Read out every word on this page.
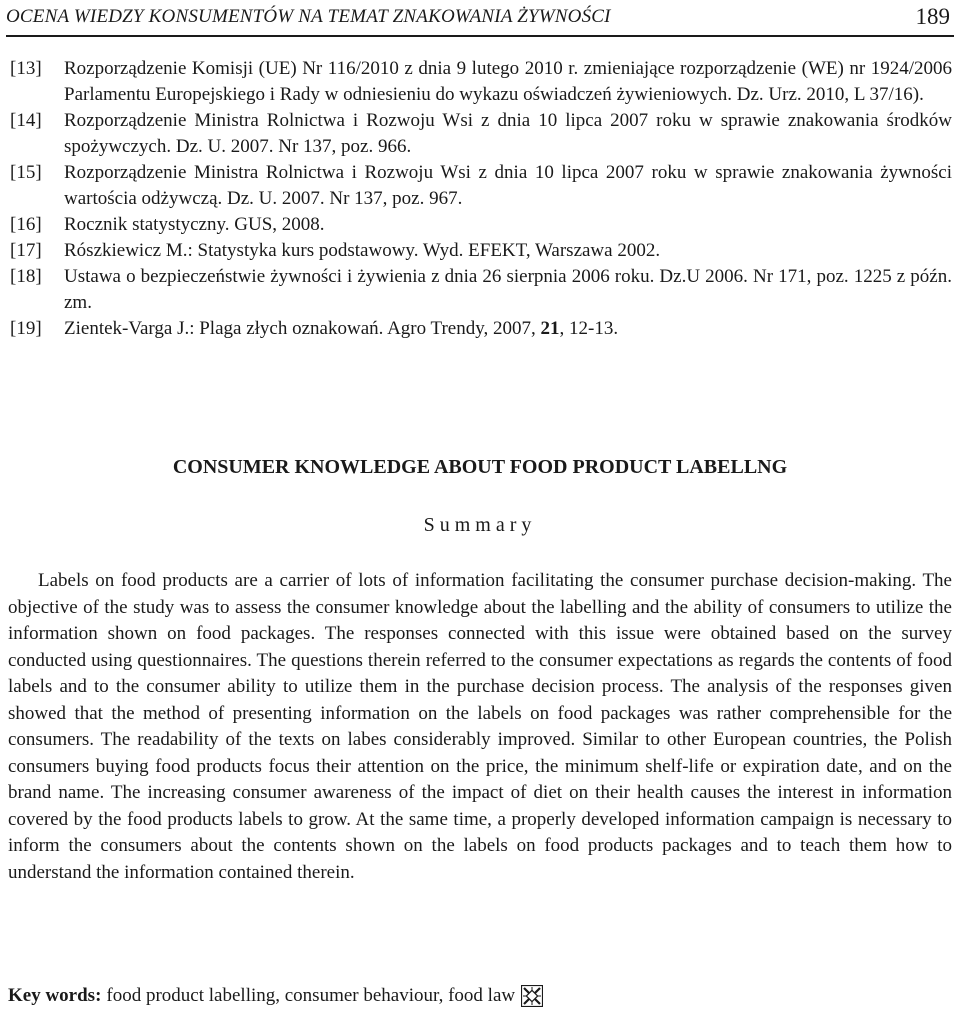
OCENA WIEDZY KONSUMENTÓW NA TEMAT ZNAKOWANIA ŻYWNOŚCI	189
[13]	Rozporządzenie Komisji (UE) Nr 116/2010 z dnia 9 lutego 2010 r. zmieniające rozporządzenie (WE) nr 1924/2006 Parlamentu Europejskiego i Rady w odniesieniu do wykazu oświadczeń żywieniowych. Dz. Urz. 2010, L 37/16).
[14]	Rozporządzenie Ministra Rolnictwa i Rozwoju Wsi z dnia 10 lipca 2007 roku w sprawie znakowania środków spożywczych. Dz. U. 2007. Nr 137, poz. 966.
[15]	Rozporządzenie Ministra Rolnictwa i Rozwoju Wsi z dnia 10 lipca 2007 roku w sprawie znakowania żywności wartościa odżywczą. Dz. U. 2007. Nr 137, poz. 967.
[16]	Rocznik statystyczny. GUS, 2008.
[17]	Rószkiewicz M.: Statystyka kurs podstawowy. Wyd. EFEKT, Warszawa 2002.
[18]	Ustawa o bezpieczeństwie żywności i żywienia z dnia 26 sierpnia 2006 roku. Dz.U 2006. Nr 171, poz. 1225 z późn. zm.
[19]	Zientek-Varga J.: Plaga złych oznakowań. Agro Trendy, 2007, 21, 12-13.
CONSUMER KNOWLEDGE ABOUT FOOD PRODUCT LABELLNG
Summary

Labels on food products are a carrier of lots of information facilitating the consumer purchase decision-making. The objective of the study was to assess the consumer knowledge about the labelling and the ability of consumers to utilize the information shown on food packages. The responses connected with this issue were obtained based on the survey conducted using questionnaires. The questions therein referred to the consumer expectations as regards the contents of food labels and to the consumer ability to utilize them in the purchase decision process. The analysis of the responses given showed that the method of presenting information on the labels on food packages was rather comprehensible for the consumers. The readability of the texts on labes considerably improved. Similar to other European countries, the Polish consumers buying food products focus their attention on the price, the minimum shelf-life or expiration date, and on the brand name. The increasing consumer awareness of the impact of diet on their health causes the interest in information covered by the food products labels to grow. At the same time, a properly developed information campaign is necessary to inform the consumers about the contents shown on the labels on food products packages and to teach them how to understand the information contained therein.

Key words: food product labelling, consumer behaviour, food law
